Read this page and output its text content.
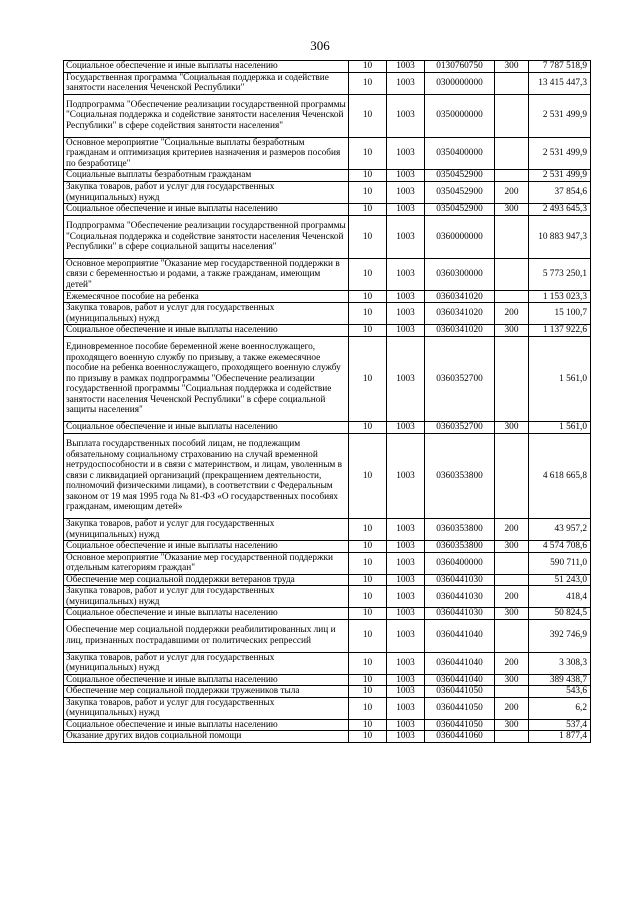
306
Социальное обеспечение и иные выплаты населению	10	1003	0130760750	300	7 787 518,9
Государственная программа "Социальная поддержка и содействие занятости населения Чеченской Республики"	10	1003	0300000000		13 415 447,3
Подпрограмма "Обеспечение реализации государственной программы "Социальная поддержка и содействие занятости населения Чеченской Республики" в сфере содействия занятости населения"	10	1003	0350000000		2 531 499,9
Основное мероприятие "Социальные выплаты безработным гражданам и оптимизация критериев назначения и размеров пособия по безработице"	10	1003	0350400000		2 531 499,9
Социальные выплаты безработным гражданам	10	1003	0350452900		2 531 499,9
Закупка товаров, работ и услуг для государственных (муниципальных) нужд	10	1003	0350452900	200	37 854,6
Социальное обеспечение и иные выплаты населению	10	1003	0350452900	300	2 493 645,3
Подпрограмма "Обеспечение реализации государственной программы "Социальная поддержка и содействие занятости населения Чеченской Республики" в сфере социальной защиты населения"	10	1003	0360000000		10 883 947,3
Основное мероприятие "Оказание мер государственной поддержки в связи с беременностью и родами, а также гражданам, имеющим детей"	10	1003	0360300000		5 773 250,1
Ежемесячное пособие на ребенка	10	1003	0360341020		1 153 023,3
Закупка товаров, работ и услуг для государственных (муниципальных) нужд	10	1003	0360341020	200	15 100,7
Социальное обеспечение и иные выплаты населению	10	1003	0360341020	300	1 137 922,6
Единовременное пособие беременной жене военнослужащего, проходящего военную службу по призыву, а также ежемесячное пособие на ребенка военнослужащего, проходящего военную службу по призыву в рамках подпрограммы "Обеспечение реализации государственной программы "Социальная поддержка и содействие занятости населения Чеченской Республики" в сфере социальной защиты населения"	10	1003	0360352700		1 561,0
Социальное обеспечение и иные выплаты населению	10	1003	0360352700	300	1 561,0
Выплата государственных пособий лицам, не подлежащим обязательному социальному страхованию на случай временной нетрудоспособности и в связи с материнством, и лицам, уволенным в связи с ликвидацией организаций (прекращением деятельности, полномочий физическими лицами), в соответствии с Федеральным законом от 19 мая 1995 года № 81-ФЗ «О государственных пособиях гражданам, имеющим детей»	10	1003	0360353800		4 618 665,8
Закупка товаров, работ и услуг для государственных (муниципальных) нужд	10	1003	0360353800	200	43 957,2
Социальное обеспечение и иные выплаты населению	10	1003	0360353800	300	4 574 708,6
Основное мероприятие "Оказание мер государственной поддержки отдельным категориям граждан"	10	1003	0360400000		590 711,0
Обеспечение мер социальной поддержки ветеранов труда	10	1003	0360441030		51 243,0
Закупка товаров, работ и услуг для государственных (муниципальных) нужд	10	1003	0360441030	200	418,4
Социальное обеспечение и иные выплаты населению	10	1003	0360441030	300	50 824,5
Обеспечение мер социальной поддержки реабилитированных лиц и лиц, признанных пострадавшими от политических репрессий	10	1003	0360441040		392 746,9
Закупка товаров, работ и услуг для государственных (муниципальных) нужд	10	1003	0360441040	200	3 308,3
Социальное обеспечение и иные выплаты населению	10	1003	0360441040	300	389 438,7
Обеспечение мер социальной поддержки тружеников тыла	10	1003	0360441050		543,6
Закупка товаров, работ и услуг для государственных (муниципальных) нужд	10	1003	0360441050	200	6,2
Социальное обеспечение и иные выплаты населению	10	1003	0360441050	300	537,4
Оказание других видов социальной помощи	10	1003	0360441060		1 877,4
